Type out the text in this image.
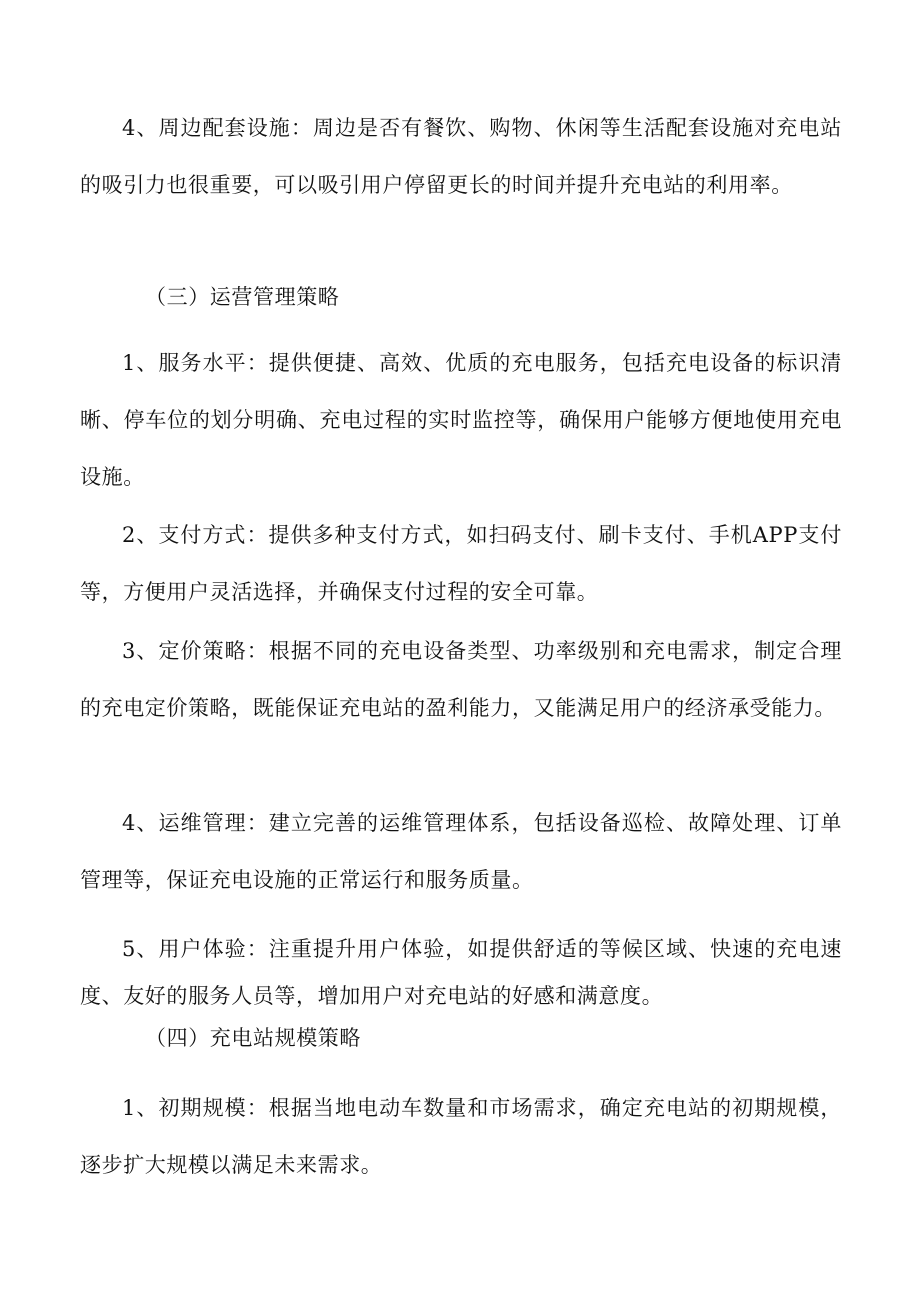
4、周边配套设施：周边是否有餐饮、购物、休闲等生活配套设施对充电站的吸引力也很重要，可以吸引用户停留更长的时间并提升充电站的利用率。

（三）运营管理策略

1、服务水平：提供便捷、高效、优质的充电服务，包括充电设备的标识清晰、停车位的划分明确、充电过程的实时监控等，确保用户能够方便地使用充电设施。

2、支付方式：提供多种支付方式，如扫码支付、刷卡支付、手机APP支付等，方便用户灵活选择，并确保支付过程的安全可靠。

3、定价策略：根据不同的充电设备类型、功率级别和充电需求，制定合理的充电定价策略，既能保证充电站的盈利能力，又能满足用户的经济承受能力。

4、运维管理：建立完善的运维管理体系，包括设备巡检、故障处理、订单管理等，保证充电设施的正常运行和服务质量。

5、用户体验：注重提升用户体验，如提供舒适的等候区域、快速的充电速度、友好的服务人员等，增加用户对充电站的好感和满意度。

（四）充电站规模策略

1、初期规模：根据当地电动车数量和市场需求，确定充电站的初期规模，逐步扩大规模以满足未来需求。
